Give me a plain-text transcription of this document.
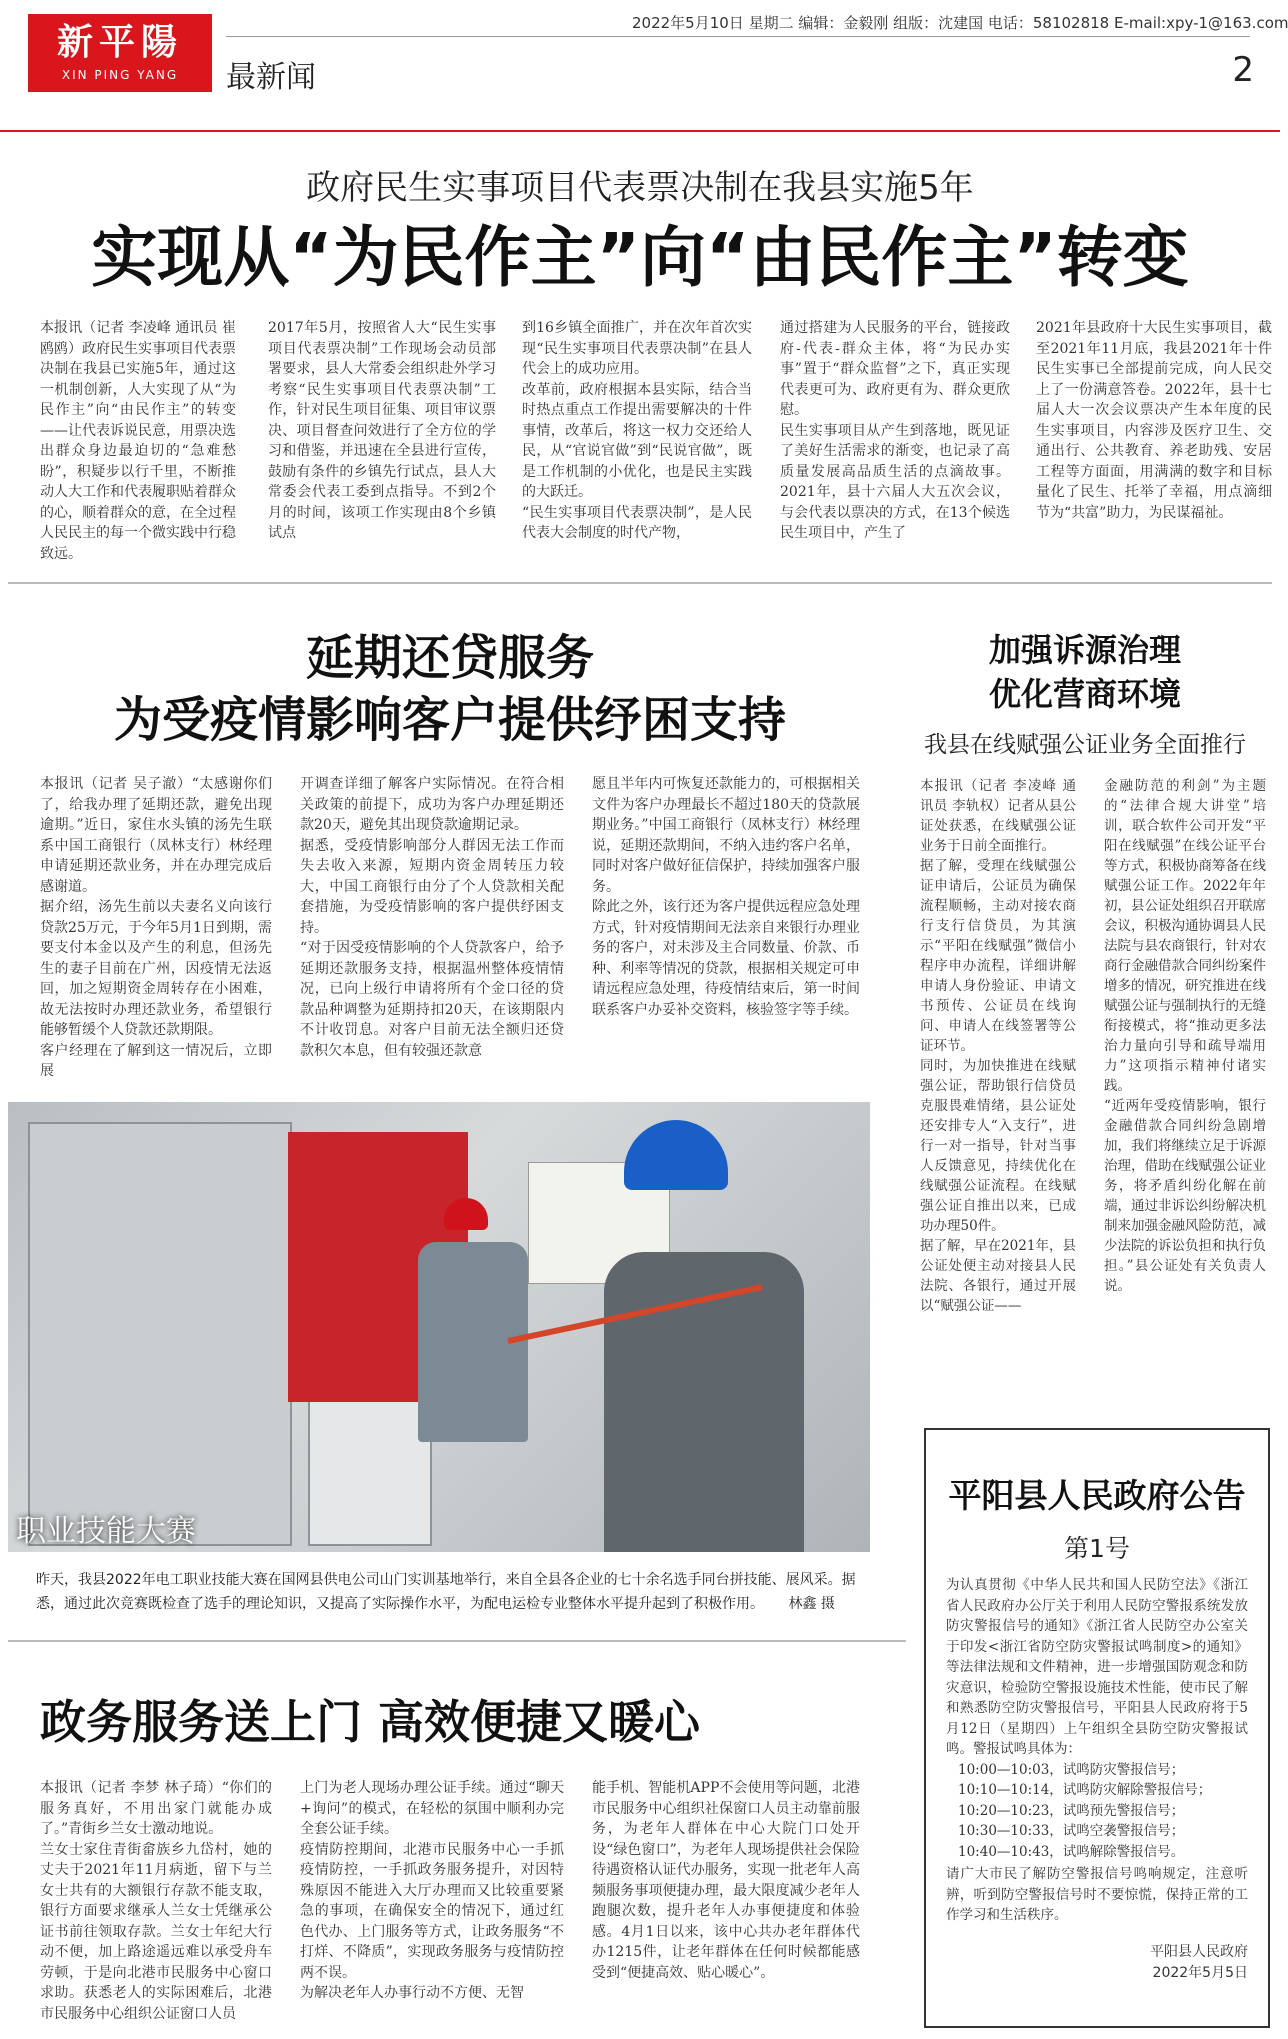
新平陽
XIN PING YANG
2022年5月10日 星期二 编辑：金毅刚 组版：沈建国 电话：58102818 E-mail:xpy-1@163.com
最新闻	2
政府民生实事项目代表票决制在我县实施5年
实现从“为民作主”向“由民作主”转变
本报讯（记者 李凌峰 通讯员 崔鸥鸥）政府民生实事项目代表票决制在我县已实施5年，通过这一机制创新，人大实现了从“为民作主”向“由民作主”的转变——让代表诉说民意，用票决选出群众身边最迫切的“急难愁盼”，积疑步以行千里，不断推动人大工作和代表履职贴着群众的心，顺着群众的意，在全过程人民民主的每一个微实践中行稳致远。
2017年5月，按照省人大“民生实事项目代表票决制”工作现场会动员部署要求，县人大常委会组织赴外学习考察“民生实事项目代表票决制”工作，针对民生项目征集、项目审议票决、项目督查问效进行了全方位的学习和借鉴，并迅速在全县进行宣传，鼓励有条件的乡镇先行试点，县人大常委会代表工委到点指导。不到2个月的时间，该项工作实现由8个乡镇试点
到16乡镇全面推广，并在次年首次实现“民生实事项目代表票决制”在县人代会上的成功应用。
改革前，政府根据本县实际，结合当时热点重点工作提出需要解决的十件事情，改革后，将这一权力交还给人民，从“官说官做”到“民说官做”，既是工作机制的小优化，也是民主实践的大跃迁。
“民生实事项目代表票决制”，是人民代表大会制度的时代产物，
通过搭建为人民服务的平台，链接政府-代表-群众主体，将“为民办实事”置于“群众监督”之下，真正实现代表更可为、政府更有为、群众更欣慰。
民生实事项目从产生到落地，既见证了美好生活需求的渐变，也记录了高质量发展高品质生活的点滴故事。2021年，县十六届人大五次会议，与会代表以票决的方式，在13个候选民生项目中，产生了
2021年县政府十大民生实事项目，截至2021年11月底，我县2021年十件民生实事已全部提前完成，向人民交上了一份满意答卷。2022年，县十七届人大一次会议票决产生本年度的民生实事项目，内容涉及医疗卫生、交通出行、公共教育、养老助残、安居工程等方面面，用满满的数字和目标量化了民生、托举了幸福，用点滴细节为“共富”助力，为民谋福祉。
延期还贷服务
为受疫情影响客户提供纾困支持
本报讯（记者 吴子澈）“太感谢你们了，给我办理了延期还款，避免出现逾期。”近日，家住水头镇的汤先生联系中国工商银行（凤林支行）林经理申请延期还款业务，并在办理完成后感谢道。
据介绍，汤先生前以夫妻名义向该行贷款25万元，于今年5月1日到期，需要支付本金以及产生的利息，但汤先生的妻子目前在广州，因疫情无法返回，加之短期资金周转存在小困难，故无法按时办理还款业务，希望银行能够暂缓个人贷款还款期限。
客户经理在了解到这一情况后，立即展
开调查详细了解客户实际情况。在符合相关政策的前提下，成功为客户办理延期还款20天，避免其出现贷款逾期记录。
据悉，受疫情影响部分人群因无法工作而失去收入来源，短期内资金周转压力较大，中国工商银行由分了个人贷款相关配套措施，为受疫情影响的客户提供纾困支持。
“对于因受疫情影响的个人贷款客户，给予延期还款服务支持，根据温州整体疫情情况，已向上级行申请将所有个金口径的贷款品种调整为延期持扣20天，在该期限内不计收罚息。对客户目前无法全额归还贷款积欠本息，但有较强还款意
愿且半年内可恢复还款能力的，可根据相关文件为客户办理最长不超过180天的贷款展期业务。”中国工商银行（凤林支行）林经理说，延期还款期间，不纳入违约客户名单，同时对客户做好征信保护，持续加强客户服务。
除此之外，该行还为客户提供远程应急处理方式，针对疫情期间无法亲自来银行办理业务的客户，对未涉及主合同数量、价款、币种、利率等情况的贷款，根据相关规定可申请远程应急处理，待疫情结束后，第一时间联系客户办妥补交资料，核验签字等手续。
加强诉源治理
优化营商环境
我县在线赋强公证业务全面推行
本报讯（记者 李凌峰 通讯员 李轨权）记者从县公证处获悉，在线赋强公证业务于日前全面推行。
据了解，受理在线赋强公证申请后，公证员为确保流程顺畅，主动对接农商行支行信贷员，为其演示“平阳在线赋强”微信小程序申办流程，详细讲解申请人身份验证、申请文书预传、公证员在线询问、申请人在线签署等公证环节。
同时，为加快推进在线赋强公证，帮助银行信贷员克服畏难情绪，县公证处还安排专人“入支行”，进行一对一指导，针对当事人反馈意见，持续优化在线赋强公证流程。在线赋强公证自推出以来，已成功办理50件。
据了解，早在2021年，县公证处便主动对接县人民法院、各银行，通过开展以“赋强公证——
金融防范的利剑”为主题的“法律合规大讲堂”培训，联合软件公司开发“平阳在线赋强”在线公证平台等方式，积极协商筹备在线赋强公证工作。2022年年初，县公证处组织召开联席会议，积极沟通协调县人民法院与县农商银行，针对农商行金融借款合同纠纷案件增多的情况，研究推进在线赋强公证与强制执行的无缝衔接模式，将“推动更多法治力量向引导和疏导端用力”这项指示精神付诸实践。
“近两年受疫情影响，银行金融借款合同纠纷急剧增加，我们将继续立足于诉源治理，借助在线赋强公证业务，将矛盾纠纷化解在前端，通过非诉讼纠纷解决机制来加强金融风险防范，减少法院的诉讼负担和执行负担。”县公证处有关负责人说。
职业技能大赛
昨天，我县2022年电工职业技能大赛在国网县供电公司山门实训基地举行，来自全县各企业的七十余名选手同台拼技能、展风采。据悉，通过此次竞赛既检查了选手的理论知识，又提高了实际操作水平，为配电运检专业整体水平提升起到了积极作用。 林鑫 摄
政务服务送上门 高效便捷又暖心
本报讯（记者 李梦 林子琦）“你们的服务真好，不用出家门就能办成了。”青街乡兰女士激动地说。
兰女士家住青街畲族乡九岱村，她的丈夫于2021年11月病逝，留下与兰女士共有的大额银行存款不能支取，银行方面要求继承人兰女士凭继承公证书前往领取存款。兰女士年纪大行动不便，加上路途遥远难以承受舟车劳顿，于是向北港市民服务中心窗口求助。获悉老人的实际困难后，北港市民服务中心组织公证窗口人员
上门为老人现场办理公证手续。通过“聊天+询问”的模式，在轻松的氛围中顺利办完全套公证手续。
疫情防控期间，北港市民服务中心一手抓疫情防控，一手抓政务服务提升，对因特殊原因不能进入大厅办理而又比较重要紧急的事项，在确保安全的情况下，通过红色代办、上门服务等方式，让政务服务“不打烊、不降质”，实现政务服务与疫情防控两不误。
为解决老年人办事行动不方便、无智
能手机、智能机APP不会使用等问题，北港市民服务中心组织社保窗口人员主动靠前服务，为老年人群体在中心大院门口处开设“绿色窗口”，为老年人现场提供社会保险待遇资格认证代办服务，实现一批老年人高频服务事项便捷办理，最大限度减少老年人跑腿次数，提升老年人办事便捷度和体验感。4月1日以来，该中心共办老年群体代办1215件，让老年群体在任何时候都能感受到“便捷高效、贴心暖心”。
平阳县人民政府公告
第1号
为认真贯彻《中华人民共和国人民防空法》《浙江省人民政府办公厅关于利用人民防空警报系统发放防灾警报信号的通知》《浙江省人民防空办公室关于印发<浙江省防空防灾警报试鸣制度>的通知》等法律法规和文件精神，进一步增强国防观念和防灾意识，检验防空警报设施技术性能，使市民了解和熟悉防空防灾警报信号，平阳县人民政府将于5月12日（星期四）上午组织全县防空防灾警报试鸣。警报试鸣具体为：
10:00—10:03，试鸣防灾警报信号；
10:10—10:14，试鸣防灾解除警报信号；
10:20—10:23，试鸣预先警报信号；
10:30—10:33，试鸣空袭警报信号；
10:40—10:43，试鸣解除警报信号。
请广大市民了解防空警报信号鸣响规定，注意听辨，听到防空警报信号时不要惊慌，保持正常的工作学习和生活秩序。
平阳县人民政府
2022年5月5日
